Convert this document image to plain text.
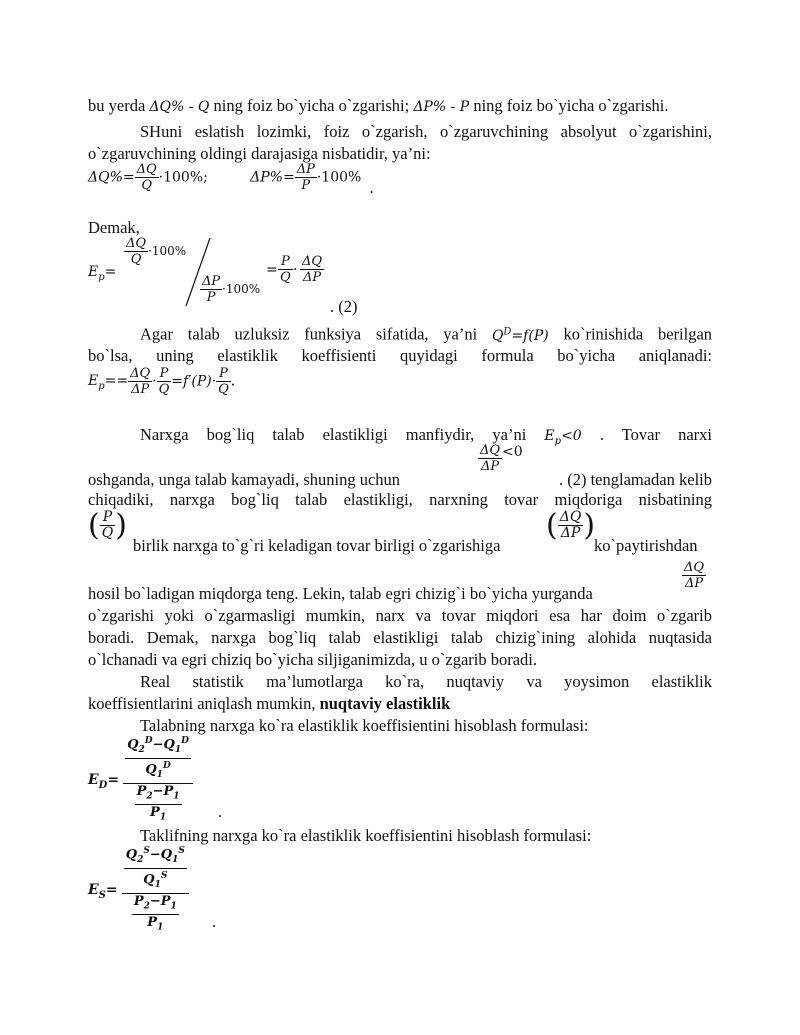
bu yerda ΔQ% - Q ning foiz bo`yicha o`zgarishi; ΔP% - P ning foiz bo`yicha o`zgarishi.
SHuni eslatish lozimki, foiz o`zgarish, o`zgaruvchining absolyut o`zgarishini,
o`zgaruvchining oldingi darajasiga nisbatidir, ya’ni:
$\Delta Q\%= \frac{\Delta Q}{Q} \cdot 100\%$;	$\Delta P\%= \frac{\Delta P}{P} \cdot 100\%$ .
Demak,
$E_p=$
$\frac{\Delta Q}{Q} \cdot 100\%$
$\frac{\Delta P}{P} \cdot 100\%$
= $\frac{P}{Q} \cdot \frac{\Delta Q}{\Delta P}$
. (2)
Agar talab uzluksiz funksiya sifatida, ya’ni $Q^D=f(P)$ ko`rinishida berilgan
bo`lsa, uning elastiklik koeffisienti quyidagi formula bo`yicha aniqlanadi:
$E_p== \frac{\Delta Q}{\Delta P} \cdot \frac{P}{Q} =f'(P)\cdot \frac{P}{Q}$ .
Narxga bog`liq talab elastikligi manfiydir, ya’ni $E_p<0$ . Tovar narxi
$\frac{\Delta Q}{\Delta P} ^{<0}$
oshganda, unga talab kamayadi, shuning uchun	. (2) tenglamadan kelib
chiqadiki, narxga bog`liq talab elastikligi, narxning tovar miqdoriga nisbatining
( $\frac{P}{Q}$ )
birlik narxga to`g`ri keladigan tovar birligi o`zgarishiga
( $\frac{\Delta Q}{\Delta P}$ )
ko`paytirishdan
$\frac{\Delta Q}{\Delta P}$
hosil bo`ladigan miqdorga teng. Lekin, talab egri chizig`i bo`yicha yurganda
o`zgarishi yoki o`zgarmasligi mumkin, narx va tovar miqdori esa har doim o`zgarib
boradi. Demak, narxga bog`liq talab elastikligi talab chizig`ining alohida nuqtasida
o`lchanadi va egri chiziq bo`yicha siljiganimizda, u o`zgarib boradi.
Real statistik ma’lumotlarga ko`ra, nuqtaviy va yoysimon elastiklik
koeffisientlarini aniqlash mumkin, nuqtaviy elastiklik
Talabning narxga ko`ra elastiklik koeffisientini hisoblash formulasi:
$E_D= \frac{\frac{Q_2^D-Q_1^D}{Q_1^D}}{\frac{P_2-P_1}{P_1}}$ .
Taklifning narxga ko`ra elastiklik koeffisientini hisoblash formulasi:
$E_S= \frac{\frac{Q_2^S-Q_1^S}{Q_1^S}}{\frac{P_2-P_1}{P_1}}$ .
